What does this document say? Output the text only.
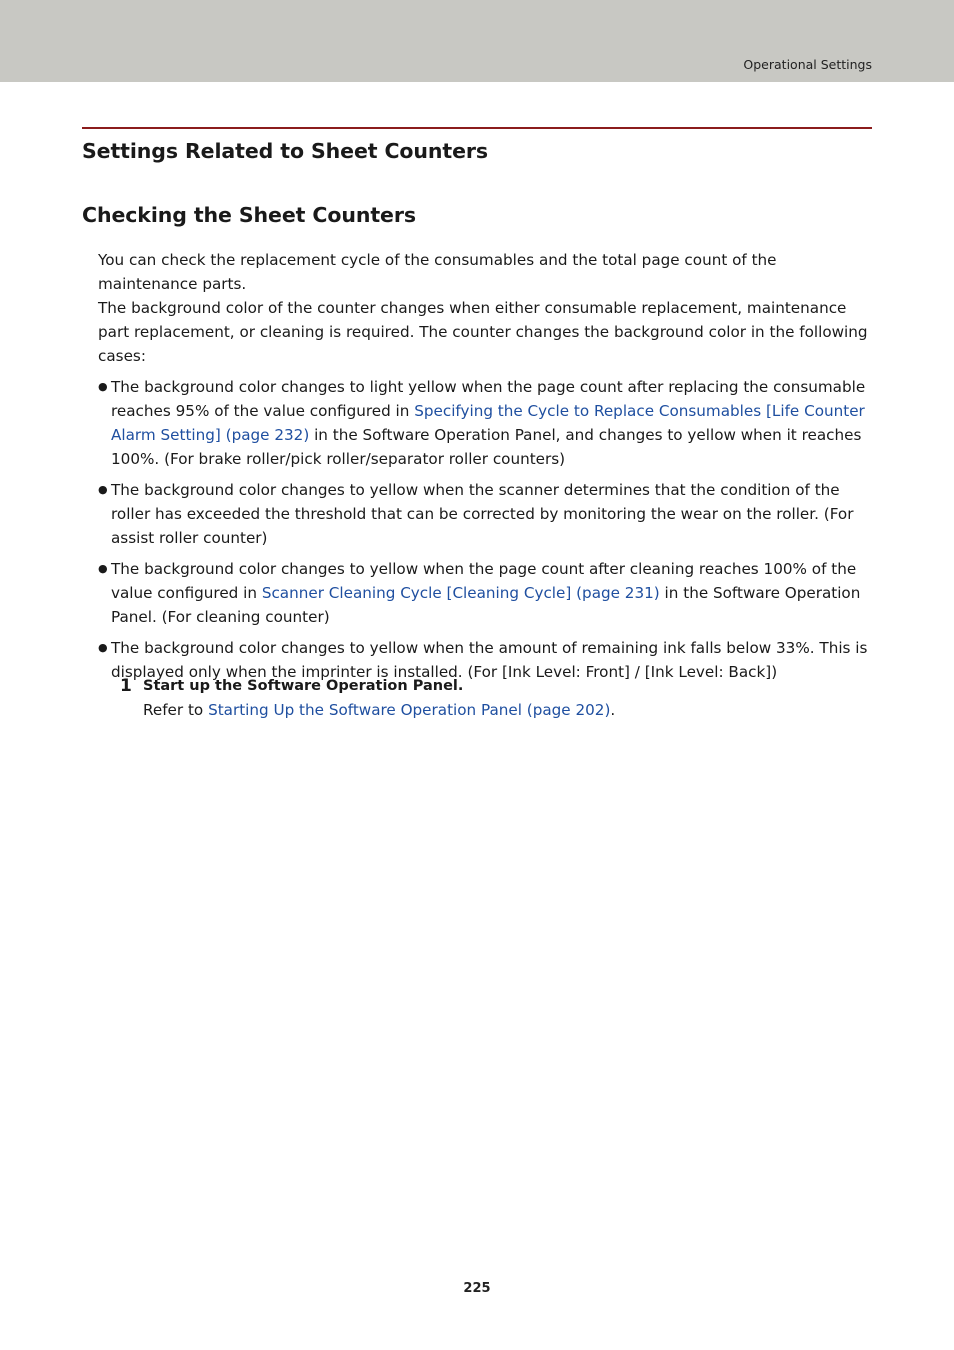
Operational Settings
Settings Related to Sheet Counters
Checking the Sheet Counters

You can check the replacement cycle of the consumables and the total page count of the maintenance parts.

The background color of the counter changes when either consumable replacement, maintenance part replacement, or cleaning is required. The counter changes the background color in the following cases:

● The background color changes to light yellow when the page count after replacing the consumable reaches 95% of the value configured in Specifying the Cycle to Replace Consumables [Life Counter Alarm Setting] (page 232) in the Software Operation Panel, and changes to yellow when it reaches 100%. (For brake roller/pick roller/separator roller counters)
● The background color changes to yellow when the scanner determines that the condition of the roller has exceeded the threshold that can be corrected by monitoring the wear on the roller. (For assist roller counter)
● The background color changes to yellow when the page count after cleaning reaches 100% of the value configured in Scanner Cleaning Cycle [Cleaning Cycle] (page 231) in the Software Operation Panel. (For cleaning counter)
● The background color changes to yellow when the amount of remaining ink falls below 33%. This is displayed only when the imprinter is installed. (For [Ink Level: Front] / [Ink Level: Back])
1 Start up the Software Operation Panel.
Refer to Starting Up the Software Operation Panel (page 202).
225
